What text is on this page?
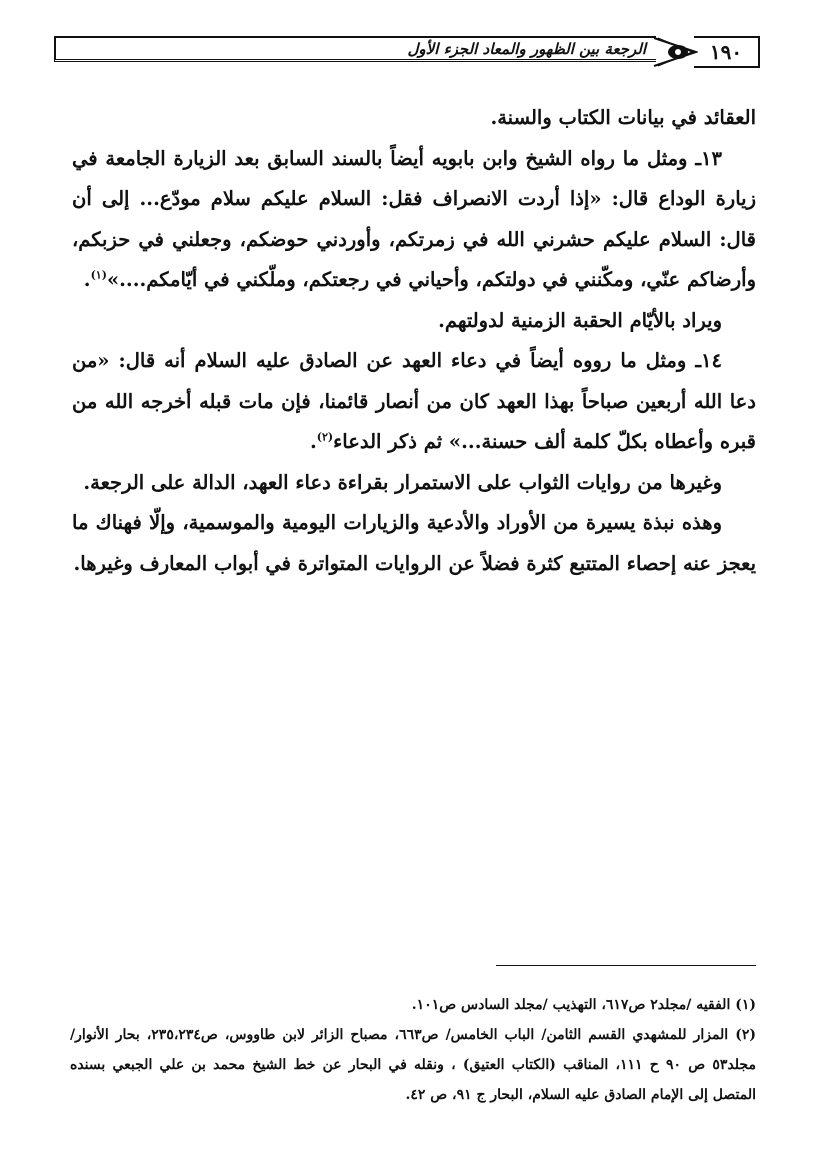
١٩٠
الرجعة بين الظهور والمعاد الجزء الأول

العقائد في بيانات الكتاب والسنة.

١٣ـ ومثل ما رواه الشيخ وابن بابويه أيضاً بالسند السابق بعد الزيارة الجامعة في زيارة الوداع قال: «إذا أردت الانصراف فقل: السلام عليكم سلام مودّع... إلى أن قال: السلام عليكم حشرني الله في زمرتكم، وأوردني حوضكم، وجعلني في حزبكم، وأرضاكم عنّي، ومكّنني في دولتكم، وأحياني في رجعتكم، وملّكني في أيّامكم....»$^{(١)}$.

ويراد بالأيّام الحقبة الزمنية لدولتهم.

١٤ـ ومثل ما رووه أيضاً في دعاء العهد عن الصادق عليه السلام أنه قال: «من دعا الله أربعين صباحاً بهذا العهد كان من أنصار قائمنا، فإن مات قبله أخرجه الله من قبره وأعطاه بكلّ كلمة ألف حسنة...» ثم ذكر الدعاء$^{(٢)}$.

وغيرها من روايات الثواب على الاستمرار بقراءة دعاء العهد، الدالة على الرجعة.

وهذه نبذة يسيرة من الأوراد والأدعية والزيارات اليومية والموسمية، وإلّا فهناك ما يعجز عنه إحصاء المتتبع كثرة فضلاً عن الروايات المتواترة في أبواب المعارف وغيرها.

(١) الفقيه /مجلد٢ ص٦١٧، التهذيب /مجلد السادس ص١٠١.

(٢) المزار للمشهدي القسم الثامن/ الباب الخامس/ ص٦٦٣، مصباح الزائر لابن طاووس، ص٢٣٥،٢٣٤، بحار الأنوار/ مجلد٥٣ ص ٩٠ ح ١١١، المناقب (الكتاب العتيق) ، ونقله في البحار عن خط الشيخ محمد بن علي الجبعي بسنده المتصل إلى الإمام الصادق عليه السلام، البحار ج ٩١، ص ٤٢.
